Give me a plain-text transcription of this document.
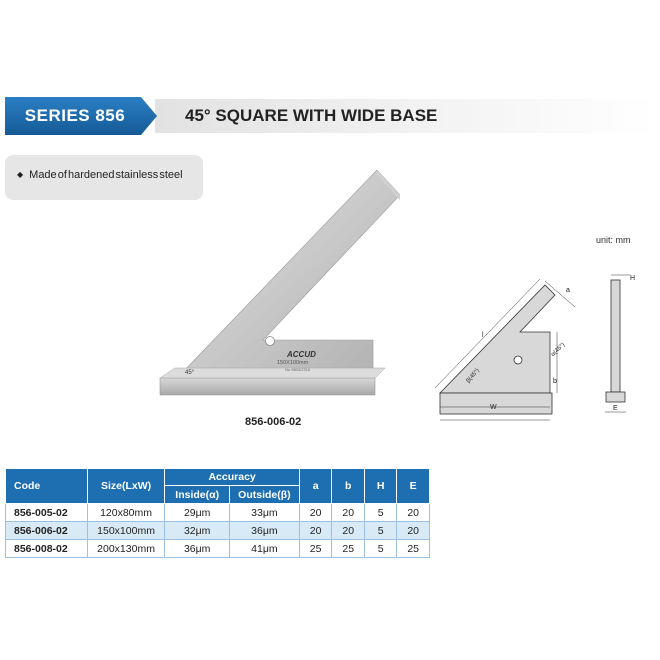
SERIES 856	45° SQUARE WITH WIDE BASE
◆ Made of hardened stainless steel
ACCUD
150X100mm
No.9804/2316
45°
856-006-02
unit: mm
a
l
α(45°)
β(45°)	b
W
H
E
Code	Size(LxW)	Accuracy		a	b	H	E
		Inside(α)	Outside(β)				
856-005-02	120x80mm	29μm	33μm	20	20	5	20
856-006-02	150x100mm	32μm	36μm	20	20	5	20
856-008-02	200x130mm	36μm	41μm	25	25	5	25
